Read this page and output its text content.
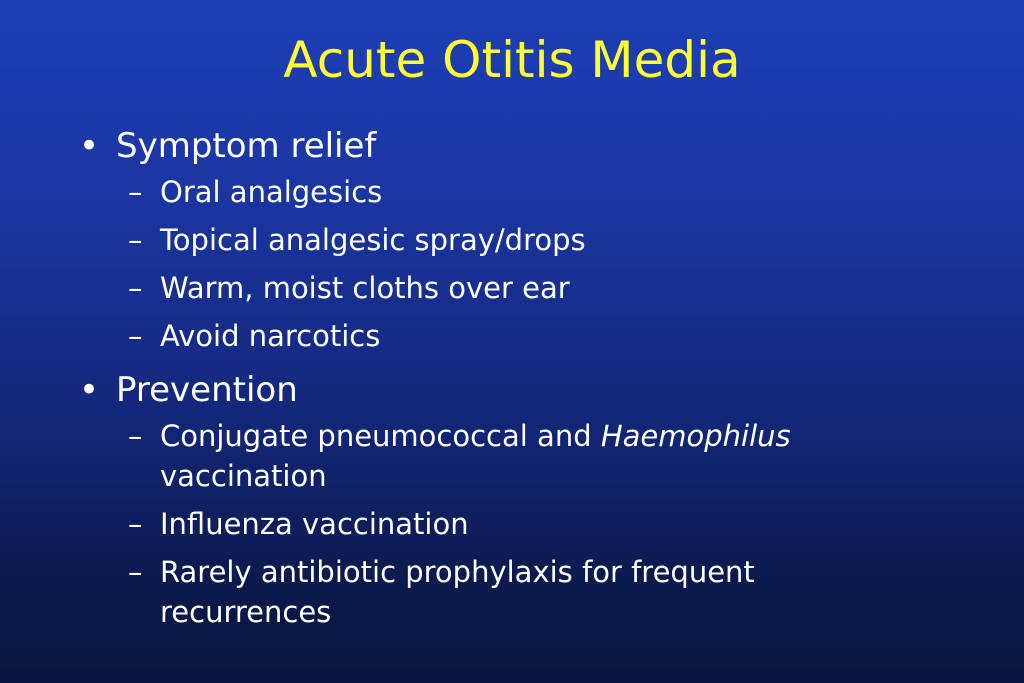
Acute Otitis Media
• Symptom relief
– Oral analgesics
– Topical analgesic spray/drops
– Warm, moist cloths over ear
– Avoid narcotics
• Prevention
– Conjugate pneumococcal and Haemophilus
vaccination
– Influenza vaccination
– Rarely antibiotic prophylaxis for frequent recurrences
